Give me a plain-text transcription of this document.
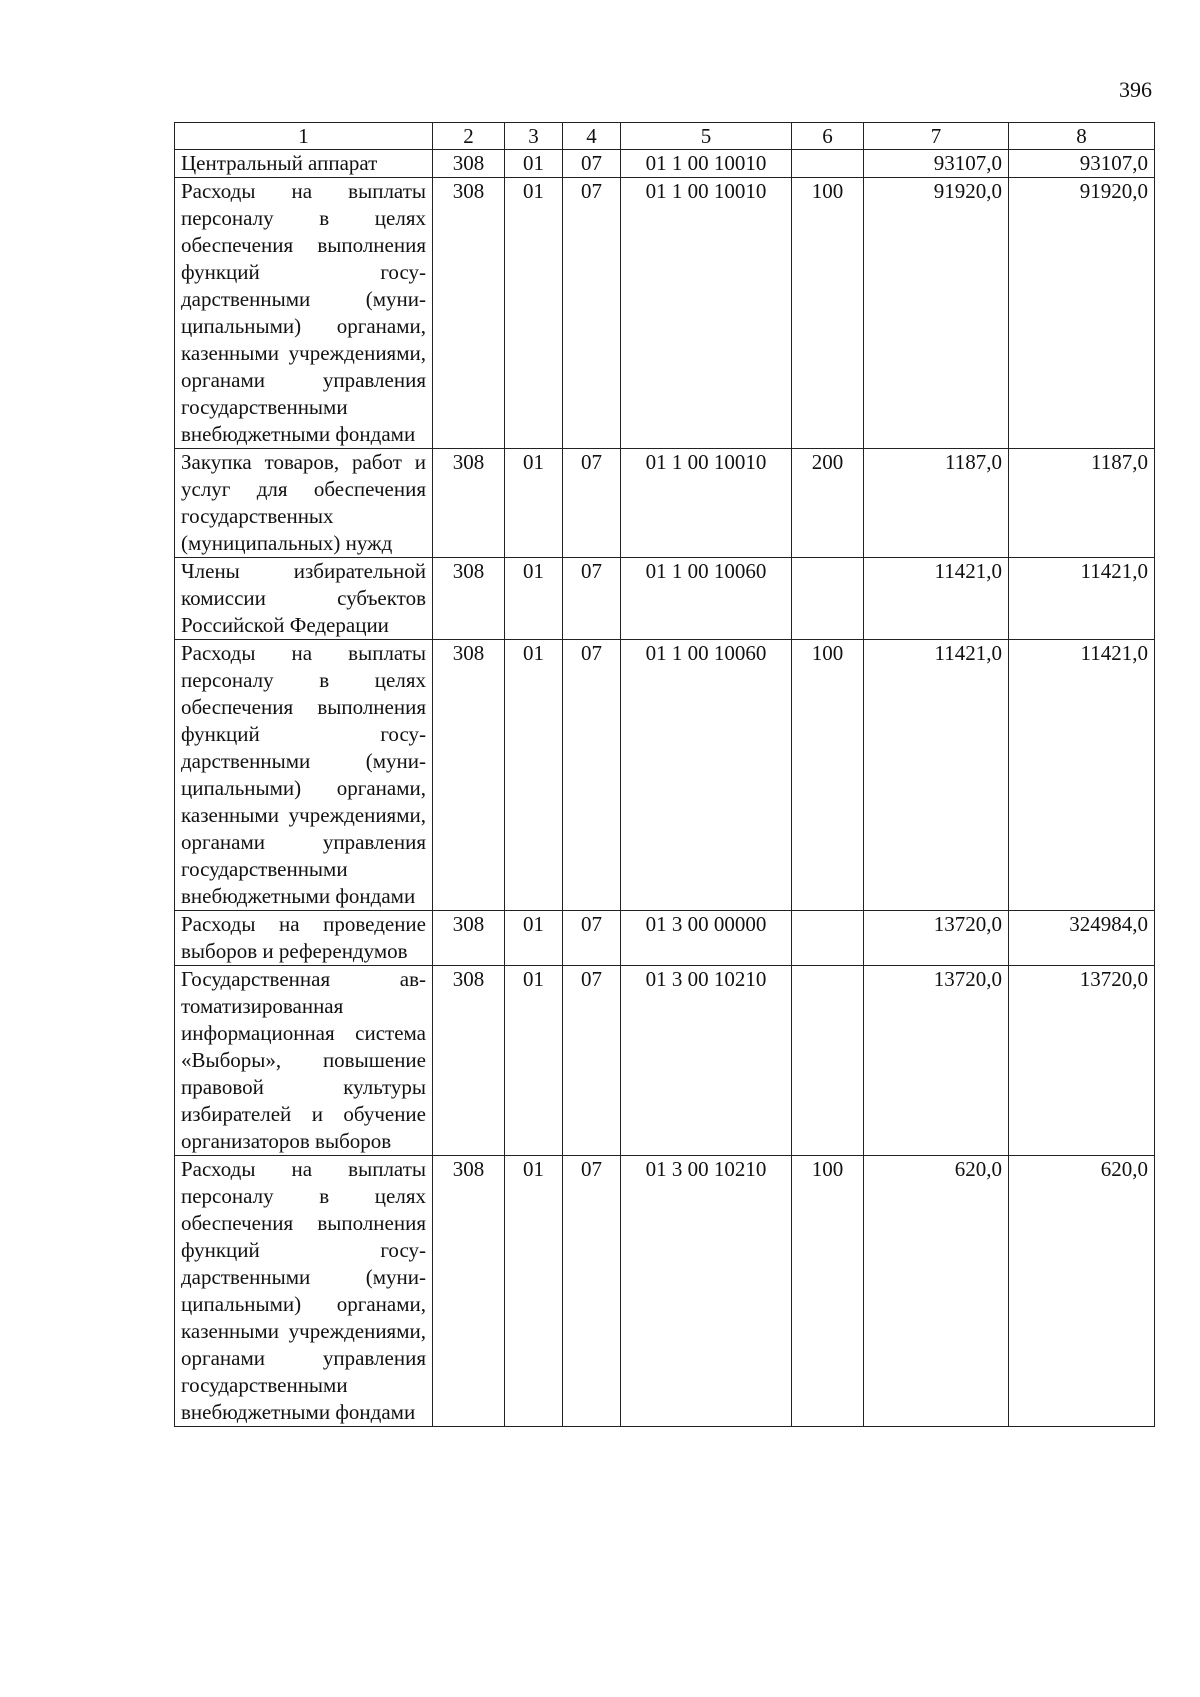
396
1	2	3	4	5	6	7	8
Центральный аппарат	308	01	07	01 1 00 10010		93107,0	93107,0
Расходы на выплаты персоналу в целях обеспечения выполнения функций государственными (муниципальными) органами, казенными учреждениями, органами управления государственными внебюджетными фондами	308	01	07	01 1 00 10010	100	91920,0	91920,0
Закупка товаров, работ и услуг для обеспечения государственных (муниципальных) нужд	308	01	07	01 1 00 10010	200	1187,0	1187,0
Члены избирательной комиссии субъектов Российской Федерации	308	01	07	01 1 00 10060		11421,0	11421,0
Расходы на выплаты персоналу в целях обеспечения выполнения функций государственными (муниципальными) органами, казенными учреждениями, органами управления государственными внебюджетными фондами	308	01	07	01 1 00 10060	100	11421,0	11421,0
Расходы на проведение выборов и референдумов	308	01	07	01 3 00 00000		13720,0	324984,0
Государственная автоматизированная информационная система «Выборы», повышение правовой культуры избирателей и обучение организаторов выборов	308	01	07	01 3 00 10210		13720,0	13720,0
Расходы на выплаты персоналу в целях обеспечения выполнения функций государственными (муниципальными) органами, казенными учреждениями, органами управления государственными внебюджетными фондами	308	01	07	01 3 00 10210	100	620,0	620,0
